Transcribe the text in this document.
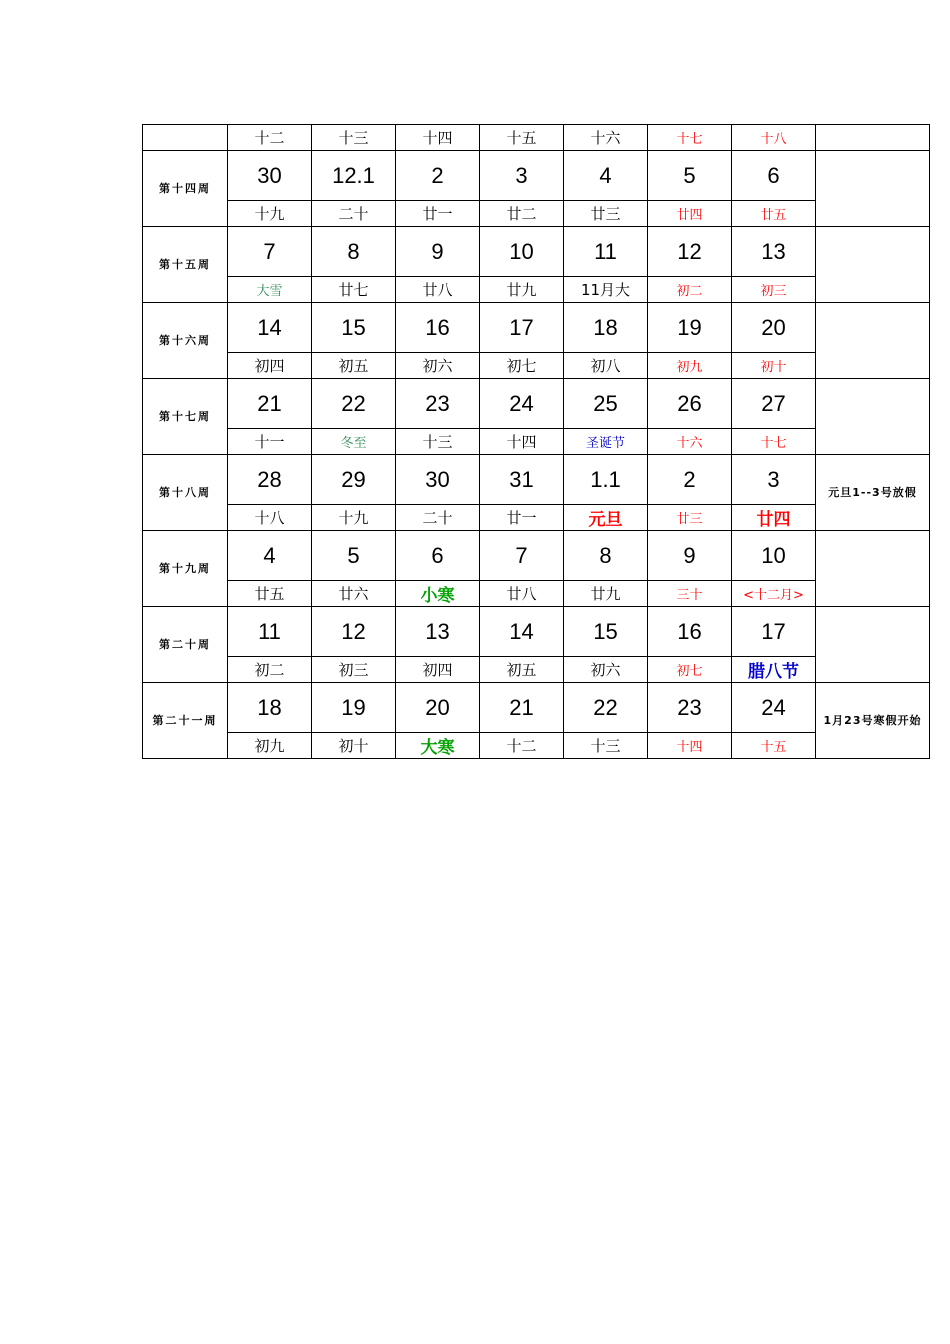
	十二	十三	十四	十五	十六	十七	十八	
第十四周	30	12.1	2	3	4	5	6	
	十九	二十	廿一	廿二	廿三	廿四	廿五	
第十五周	7	8	9	10	11	12	13	
	大雪	廿七	廿八	廿九	11月大	初二	初三	
第十六周	14	15	16	17	18	19	20	
	初四	初五	初六	初七	初八	初九	初十	
第十七周	21	22	23	24	25	26	27	
	十一	冬至	十三	十四	圣诞节	十六	十七	
第十八周	28	29	30	31	1.1	2	3	元旦1--3号放假
	十八	十九	二十	廿一	元旦	廿三	廿四	
第十九周	4	5	6	7	8	9	10	
	廿五	廿六	小寒	廿八	廿九	三十	<十二月>	
第二十周	11	12	13	14	15	16	17	
	初二	初三	初四	初五	初六	初七	腊八节	
第二十一周	18	19	20	21	22	23	24	1月23号寒假开始
	初九	初十	大寒	十二	十三	十四	十五	
